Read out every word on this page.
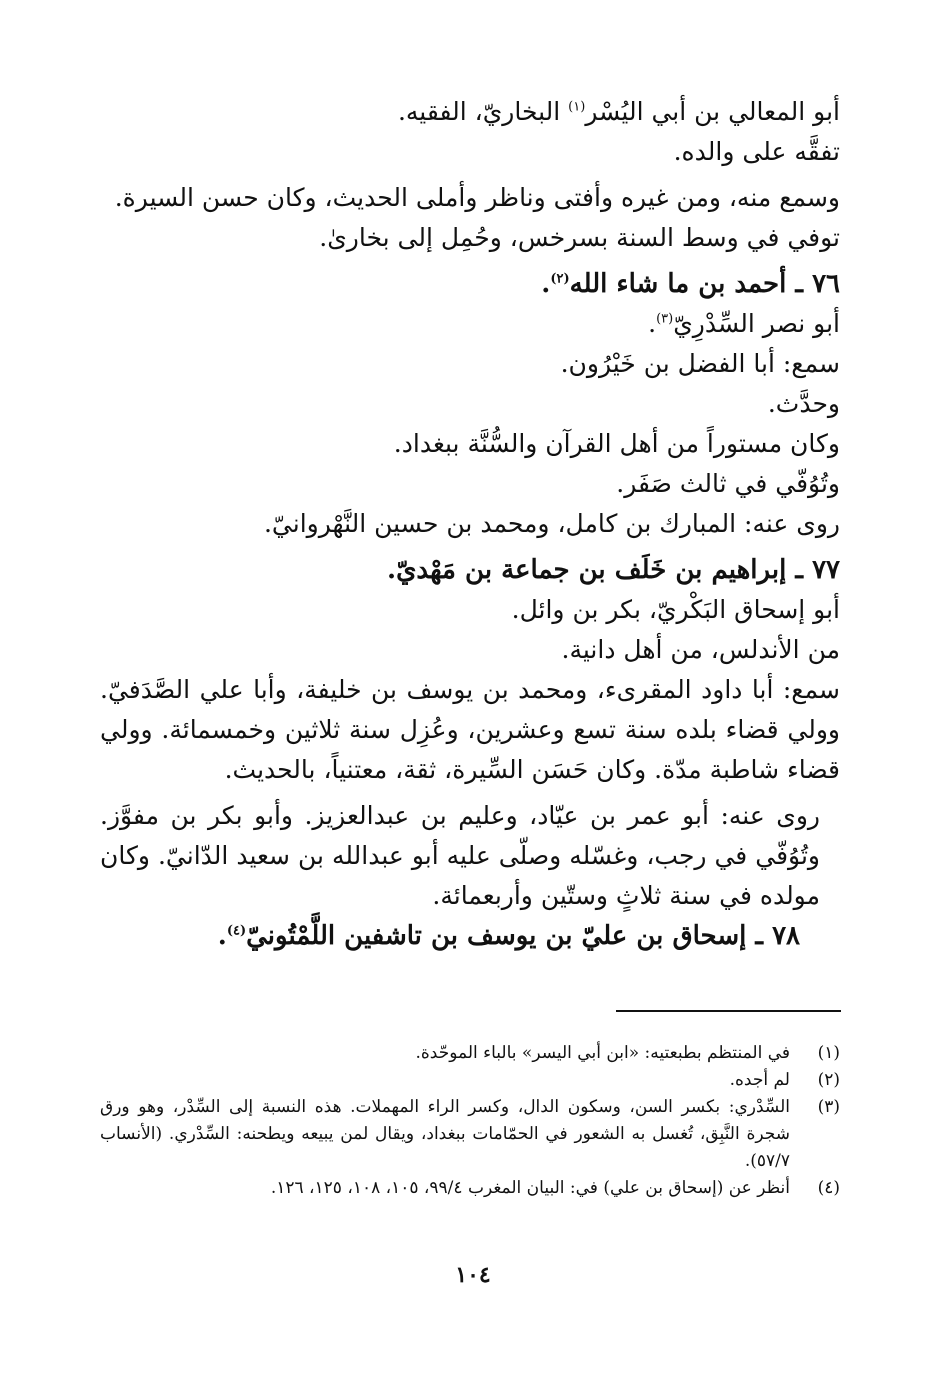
أبو المعالي بن أبي اليُسْر$^{(١)}$ البخاريّ، الفقيه.
تفقَّه على والده.
وسمع منه، ومن غيره وأفتى وناظر وأملى الحديث، وكان حسن السيرة.
توفي في وسط السنة بسرخس، وحُمِل إلى بخارىٰ.
٧٦ ـ أحمد بن ما شاء الله$^{(٢)}$.
أبو نصر السِّدْرِيّ$^{(٣)}$.
سمع: أبا الفضل بن خَيْرُون.
وحدَّث.
وكان مستوراً من أهل القرآن والسُّنَّة ببغداد.
وتُوُفّي في ثالث صَفَر.
روى عنه: المبارك بن كامل، ومحمد بن حسين النَّهْروانيّ.
٧٧ ـ إبراهيم بن خَلَف بن جماعة بن مَهْديّ.
أبو إسحاق البَكْريّ، بكر بن وائل.
من الأندلس، من أهل دانية.
سمع: أبا داود المقرىء، ومحمد بن يوسف بن خليفة، وأبا علي الصَّدَفيّ. وولي قضاء بلده سنة تسع وعشرين، وعُزِل سنة ثلاثين وخمسمائة. وولي قضاء شاطبة مدّة. وكان حَسَن السِّيرة، ثقة، معتنياً، بالحديث.
روى عنه: أبو عمر بن عيّاد، وعليم بن عبدالعزيز. وأبو بكر بن مفوَّز. وتُوُفّي في رجب، وغسّله وصلّى عليه أبو عبدالله بن سعيد الدّانيّ. وكان مولده في سنة ثلاثٍ وستّين وأربعمائة.
٧٨ ـ إسحاق بن عليّ بن يوسف بن تاشفين اللَّمْتُونيّ$^{(٤)}$.
(١)
في المنتظم بطبعتيه: «ابن أبي اليسر» بالباء الموحّدة.
(٢)
لم أجده.
(٣)
السِّدْري: بكسر السن، وسكون الدال، وكسر الراء المهملات. هذه النسبة إلى السِّدْر، وهو ورق شجرة النَّبِق، تُغسل به الشعور في الحمّامات ببغداد، ويقال لمن يبيعه ويطحنه: السِّدْري. (الأنساب ٥٧/٧).
(٤)
أنظر عن (إسحاق بن علي) في: البيان المغرب ٩٩/٤، ١٠٥، ١٠٨، ١٢٥، ١٢٦.
١٠٤
